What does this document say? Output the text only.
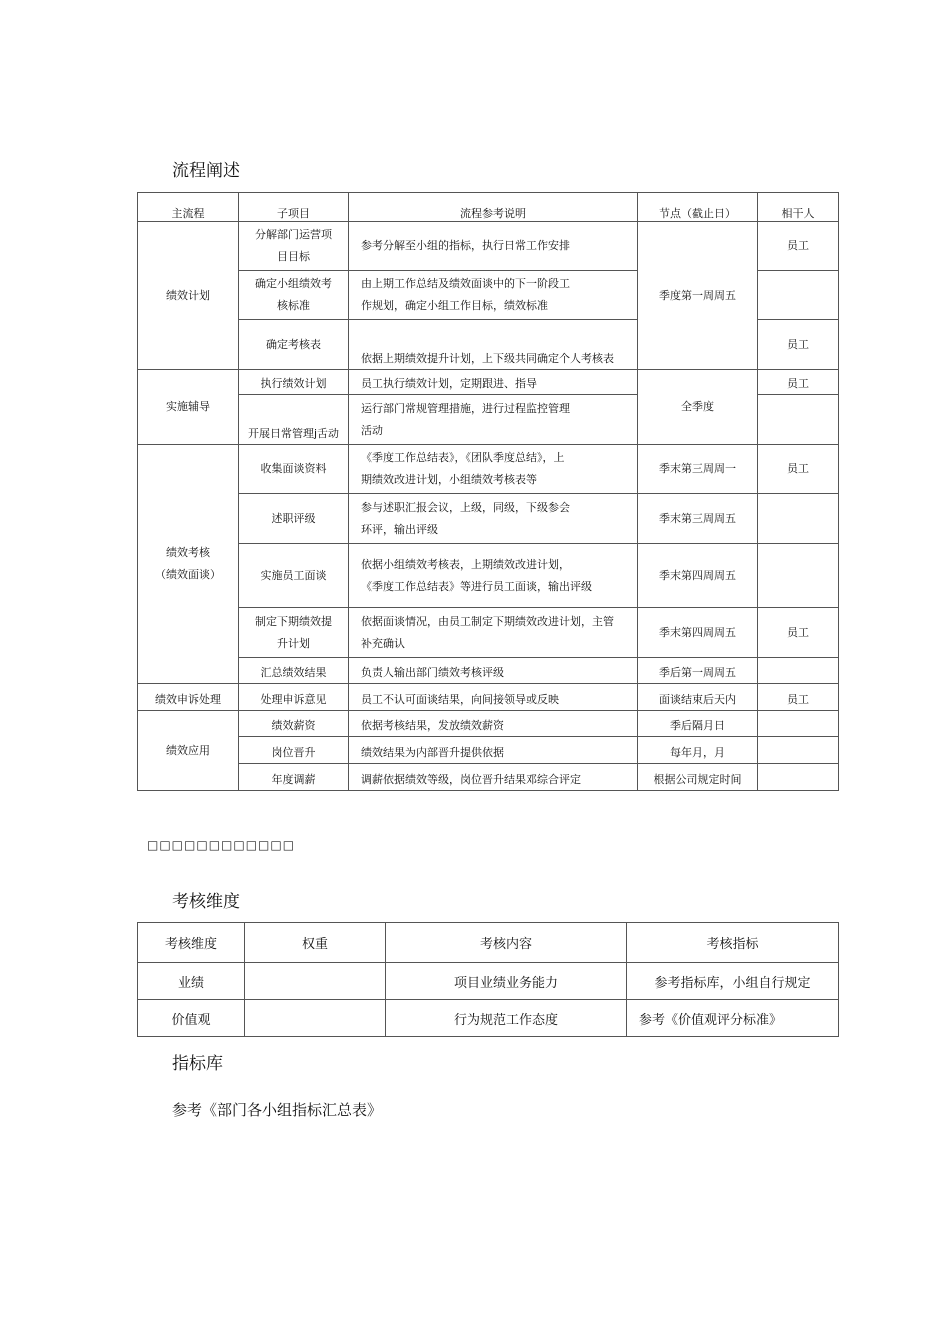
流程阐述
主流程	子项目	流程参考说明	节点（截止日）	相干人
绩效计划	分解部门运营项
目目标	参考分解至小组的指标，执行日常工作安排	季度第一周周五	员工
	确定小组绩效考
核标准	由上期工作总结及绩效面谈中的下一阶段工
作规划，确定小组工作目标，绩效标准		
	确定考核表	依据上期绩效提升计划，上下级共同确定个人考核表		员工
实施辅导	执行绩效计划	员工执行绩效计划，定期跟进、指导	全季度	员工
	开展日常管理j舌动	运行部门常规管理措施，进行过程监控管理
活动		
绩效考核
（绩效面谈）	收集面谈资料	《季度工作总结表》，《团队季度总结》，上
期绩效改进计划，小组绩效考核表等	季末第三周周一	员工
	述职评级	参与述职汇报会议，上级，同级，下级参会
环评，输出评级	季末第三周周五	
	实施员工面谈	依据小组绩效考核表，上期绩效改进计划，
《季度工作总结表》等进行员工面谈，输出评级	季末第四周周五	
	制定下期绩效提
升计划	依据面谈情况，由员工制定下期绩效改进计划，主管
补充确认	季末第四周周五	员工
	汇总绩效结果	负责人输出部门绩效考核评级	季后第一周周五	
绩效申诉处理	处理申诉意见	员工不认可面谈结果，向间接领导或反映	面谈结束后天内	员工
绩效应用	绩效薪资	依据考核结果，发放绩效薪资	季后隔月日	
	岗位晋升	绩效结果为内部晋升提供依据	每年月，月	
	年度调薪	调薪依据绩效等级，岗位晋升结果邓综合评定	根据公司规定时间	
□□□□□□□□□□□□
考核维度
考核维度	权重	考核内容	考核指标
业绩		项目业绩业务能力	参考指标库，小组自行规定
价值观		行为规范工作态度	参考《价值观评分标准》
指标库
参考《部门各小组指标汇总表》
